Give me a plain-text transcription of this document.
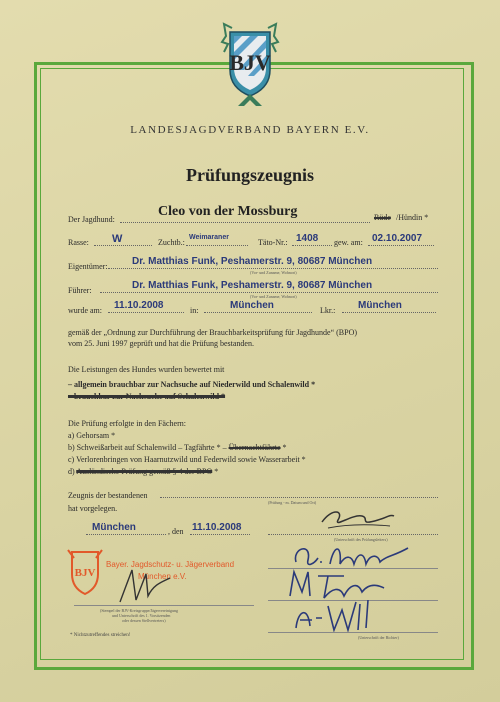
BJV
LANDESJAGDVERBAND BAYERN E.V.
Prüfungszeugnis
Der Jagdhund:
Cleo von der Mossburg	Rüde /Hündin *
Rasse: W	Zuchtb.:
Weimaraner
Täto-Nr.: 1408 gew. am: 02.10.2007
Eigentümer: Dr. Matthias Funk, Peshamerstr. 9, 80687 München
(Vor- und Zuname, Wohnort)
Führer:	Dr. Matthias Funk, Peshamerstr. 9, 80687 München
(Vor- und Zuname, Wohnort)
wurde am: 11.10.2008	in:	München	Lkr.: München
gemäß der „Ordnung zur Durchführung der Brauchbarkeitsprüfung für Jagdhunde“ (BPO)
vom 25. Juni 1997 geprüft und hat die Prüfung bestanden.
Die Leistungen des Hundes wurden bewertet mit
– allgemein brauchbar zur Nachsuche auf Niederwild und Schalenwild *
– brauchbar zur Nachsuche auf Schalenwild *
Die Prüfung erfolgte in den Fächern:
a) Gehorsam *
b) Schweißarbeit auf Schalenwild – Tagfährte * – Übernachtfährte *
c) Verlorenbringen von Haarnutzwild und Federwild sowie Wasserarbeit *
d) Ausländische Prüfung gemäß § 4 der BPO *
Zeugnis der bestandenen
(Prüfung - m. Datum und Ort)
hat vorgelegen.
München	, den 11.10.2008
(Unterschrift des Prüfungsleiters)
BJV
Bayer. Jagdschutz- u. Jägerverband
München e.V.
(Stempel der BJV-Kreisgruppe/Jägervereinigung
und Unterschrift des 1. Vorsitzenden
oder dessen Stellvertreters)
(Unterschrift der Richter)
* Nichtzutreffendes streichen!
